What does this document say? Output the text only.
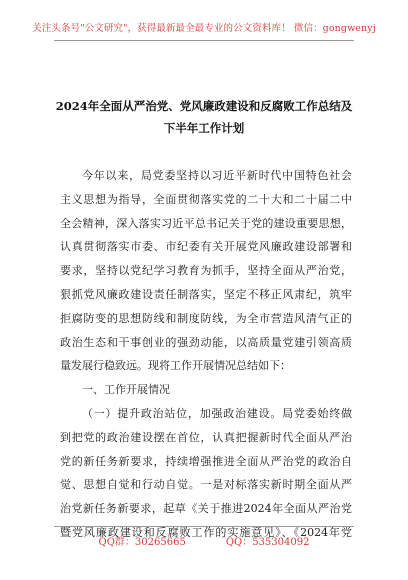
关注头条号"公文研究"，获得最新最全最专业的公文资料库！ 微信：gongwenyj
2024年全面从严治党、党风廉政建设和反腐败工作总结及
下半年工作计划
今年以来，局党委坚持以习近平新时代中国特色社会
主义思想为指导，全面贯彻落实党的二十大和二十届二中
全会精神，深入落实习近平总书记关于党的建设重要思想，
认真贯彻落实市委、市纪委有关开展党风廉政建设部署和
要求，坚持以党纪学习教育为抓手，坚持全面从严治党，
狠抓党风廉政建设责任制落实，坚定不移正风肃纪，筑牢
拒腐防变的思想防线和制度防线，为全市营造风清气正的
政治生态和干事创业的强劲动能，以高质量党建引领高质
量发展行稳致远。现将工作开展情况总结如下：
一、工作开展情况
（一）提升政治站位，加强政治建设。局党委始终做
到把党的政治建设摆在首位，认真把握新时代全面从严治
党的新任务新要求，持续增强推进全面从严治党的政治自
觉、思想自觉和行动自觉。一是对标落实新时期全面从严
治党新任务新要求，起草《关于推进2024年全面从严治党
暨党风廉政建设和反腐败工作的实施意见》、《2024年党
QQ群：30265665	QQ：535304092
